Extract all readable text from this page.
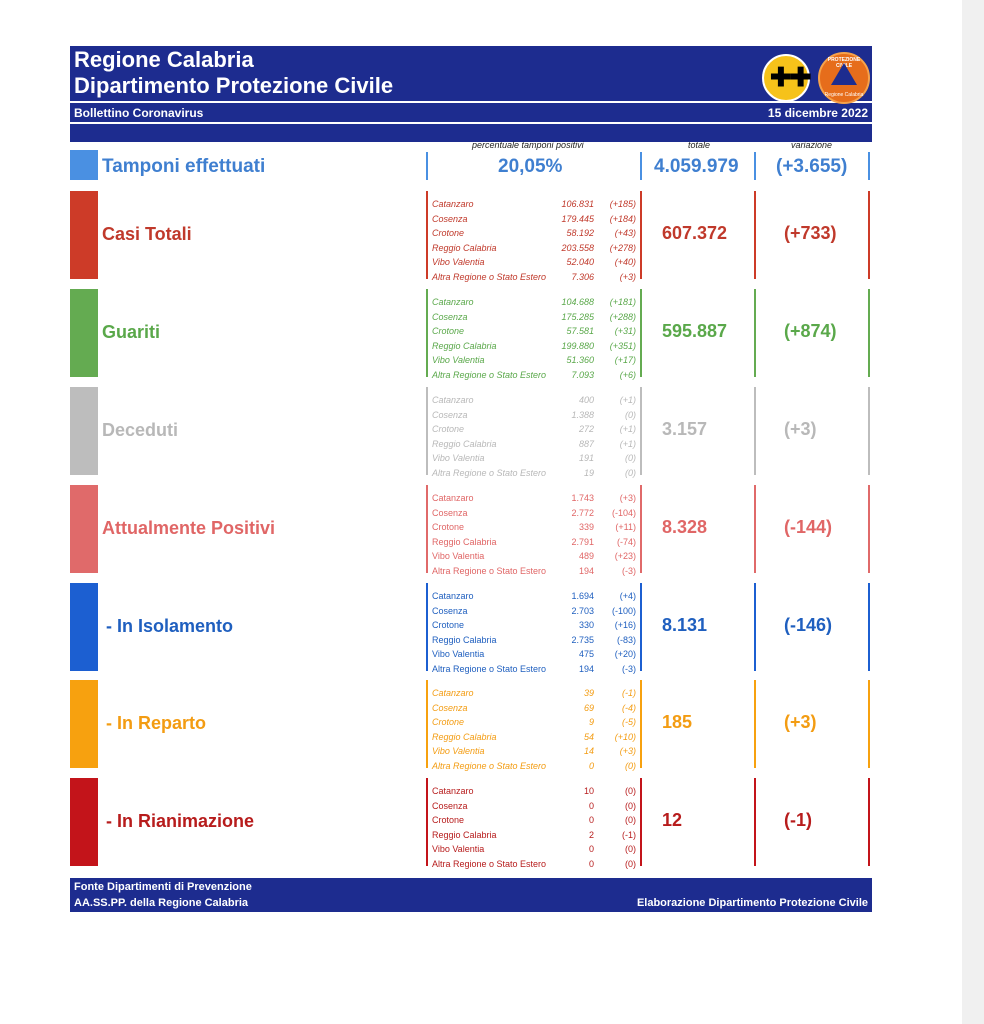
Regione Calabria
Dipartimento Protezione Civile
Bollettino Coronavirus	15 dicembre 2022
✚✚
PROTEZIONE CIVILE
Regione Calabria
percentuale tamponi positivi	totale	variazione
Tamponi effettuati	20,05%	4.059.979 (+3.655)
Casi Totali
Catanzaro	106.831 (+185)
Cosenza	179.445 (+184)
Crotone	58.192 (+43)
Reggio Calabria	203.558 (+278)
Vibo Valentia	52.040 (+40)
Altra Regione o Stato Estero	7.306	(+3)
607.372	(+733)
Guariti
Catanzaro	104.688 (+181)
Cosenza	175.285 (+288)
Crotone	57.581 (+31)
Reggio Calabria	199.880 (+351)
Vibo Valentia	51.360 (+17)
Altra Regione o Stato Estero	7.093	(+6)
595.887	(+874)
Deceduti
Catanzaro	400	(+1)
Cosenza	1.388	(0)
Crotone	272	(+1)
Reggio Calabria	887	(+1)
Vibo Valentia	191	(0)
Altra Regione o Stato Estero	19	(0)
3.157	(+3)
Attualmente Positivi
Catanzaro	1.743	(+3)
Cosenza	2.772 (-104)
Crotone	339 (+11)
Reggio Calabria	2.791	(-74)
Vibo Valentia	489 (+23)
Altra Regione o Stato Estero	194	(-3)
8.328	(-144)
- In Isolamento
Catanzaro	1.694	(+4)
Cosenza	2.703 (-100)
Crotone	330 (+16)
Reggio Calabria	2.735	(-83)
Vibo Valentia	475 (+20)
Altra Regione o Stato Estero	194	(-3)
8.131	(-146)
- In Reparto
Catanzaro	39	(-1)
Cosenza	69	(-4)
Crotone	9	(-5)
Reggio Calabria	54 (+10)
Vibo Valentia	14	(+3)
Altra Regione o Stato Estero	0	(0)
185	(+3)
- In Rianimazione
Catanzaro	10	(0)
Cosenza	0	(0)
Crotone	0	(0)
Reggio Calabria	2	(-1)
Vibo Valentia	0	(0)
Altra Regione o Stato Estero	0	(0)
12	(-1)
Fonte Dipartimenti di Prevenzione
AA.SS.PP. della Regione Calabria	Elaborazione Dipartimento Protezione Civile
